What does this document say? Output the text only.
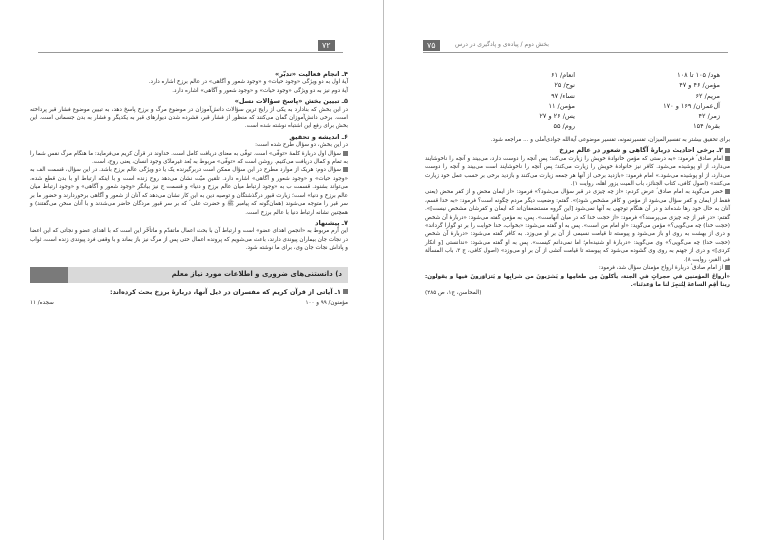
۷۲
۴ـ انجام فعالیت «تدبّر»

آیهٔ اول به دو ویژگی «وجود حیات» و «وجود شعور و آگاهی» در عالم برزخ اشاره دارد.

آیهٔ دوم نیز به دو ویژگی «وجود حیات» و «وجود شعور و آگاهی» اشاره دارد.

۵ـ تبیین بخش «پاسخ سؤالات نسل»

در این بخش که بنادارد به یکی از رایج ترین سؤالات دانش‌آموزان در موضوع مرگ و برزخ پاسخ دهد، به تبیین موضوع فشار قبر پرداخته است. برخی دانش‌آموزان گمان می‌کنند که منظور از فشار قبر، فشرده شدن دیوارهای قبر به یکدیگر و فشار به بدن جسمانی است. این بخش برای رفع این اشتباه نوشته شده است.

۶ـ اندیشه و تحقیق

در این بخش، دو سؤال طرح شده است:

سؤال اول دربارهٔ کلمهٔ «توفّی» است. توفّی به معنای دریافت کامل است. خداوند در قرآن کریم می‌فرماید: ما هنگام مرگ نفس شما را به تمام و کمال دریافت می‌کنیم. روشن است که «توفّی» مربوط به بُعد غیرمادّی وجود انسان، یعنی روح، است.

سؤال دوم: هریک از موارد مطرح در این سؤال ممکن است دربرگیرنده یک یا دو ویژگی عالم برزخ باشد. در این سؤال، قسمت الف به «وجود حیات» و «وجود شعور و آگاهی» اشاره دارد. تلقین میّت نشان می‌دهد روح زنده است و با اینکه ارتباط او با بدن قطع شده، می‌تواند بشنود. قسمت ب به «وجود ارتباط میان عالم برزخ و دنیا» و قسمت ج نیز بیانگر «وجود شعور و آگاهی» و «وجود ارتباط میان عالم برزخ و دنیا» است؛ زیارت قبور درگذشتگان و توصیه دین به این کار نشان می‌دهد که آنان از شعور و آگاهی برخوردارند و حضور ما بر سر قبر را متوجه می‌شوند (همان‌گونه که پیامبر ﷺ و حضرت علی ؑ که بر سر قبور مردگان حاضر می‌شدند و با آنان سخن می‌گفتند) و همچنین نشانه ارتباط دنیا با عالم برزخ است.

۷ـ پیشنهاد

این آرم مربوط به «انجمن اهدای عضو» است و ارتباط آن با بحث اعمال ماتقدّم و ماتأخّر این است که با اهدای عضو و نجاتی که این اعضا در نجات جان بیماران پیوندی دارند، باعث می‌شویم که پرونده اعمال حتی پس از مرگ نیز باز بماند و با وقفی فرد پیوندی زنده است، ثواب و پاداش نجات جان وی، برای ما نوشته شود.

د) دانستنی‌های ضروری و اطلاعات مورد نیاز معلم
۱ـ آیاتی از قرآن کریم که مفسران در ذیل آنها، دربارهٔ برزخ بحث کرده‌اند:
مؤمنون/ ۹۹ و ۱۰۰
سجده/ ۱۱
۷۵	بخش دوم / پیاده‌ی و پادگیری در درس
هود/ ۱۰۵ تا ۱۰۸
انعام/ ۶۱
مؤمن/ ۴۶ و ۴۷
نوح/ ۲۵
مریم/ ۶۲
نساء/ ۹۷
آل‌عمران/ ۱۶۹ و ۱۷۰
مؤمن/ ۱۱
زمر/ ۴۲
یس/ ۲۶ و ۲۷
بقره/ ۱۵۴
روم/ ۵۵

برای تحقیق بیشتر به تفسیرالمیزان، تفسیرنمونه، تفسیر موضوعی آیةالله جوادی‌آملی و ... مراجعه شود.

۲ـ برخی احادیث دربارهٔ آگاهی و شعور در عالم برزخ

امام صادق ؑ فرمود: «به درستی که مؤمن خانوادهٔ خویش را زیارت می‌کند؛ پس آنچه را دوست دارد، می‌بیند و آنچه را ناخوشایند می‌دارد، از او پوشیده می‌شود. کافر نیز خانوادهٔ خویش را زیارت می‌کند؛ پس آنچه را ناخوشایند است می‌بیند و آنچه را دوست می‌دارد، از او پوشیده می‌شود.» امام فرمود: «بازدید برخی از آنها هر جمعه زیارت می‌کنند و بازدید برخی بر حسب عمل خود زیارت می‌کنند» (اصول کافی، کتاب الجنائز، باب المیت یزور اهله، روایت ۱).

خضر می‌گوید به امام صادق ؑ عرض کردم: «از چه چیزی در قبر سؤال می‌شود؟» فرمود: «از ایمان محض و از کفر محض (یعنی فقط از ایمان و کفر سؤال می‌شود از مؤمن و کافر مشخص شود)». گفتم: وضعیت دیگر مردم چگونه است؟ فرمود: «به خدا قسم، آنان به حال خود رها شده‌اند و در آن هنگام توجهی به آنها نمی‌شود [این گروه مستضعفان‌اند که ایمان و کفرشان مشخص نیست]». گفتم: «در قبر از چه چیزی می‌پرسند؟» فرمود: «از حجت خدا که در میان آنهاست». پس، به مؤمن گفته می‌شود: «دربارهٔ آن شخص (حجت خدا) چه می‌گویی؟» مؤمن می‌گوید: «او امام من است». پس به او گفته می‌شود: «بخواب، خدا خوابت را بر تو گوارا گرداند» و دری از بهشت به روی او باز می‌شود و پیوسته تا قیامت نسیمی از آن بر او می‌وزد. به کافر گفته می‌شود: «دربارهٔ آن شخص (حجت خدا) چه می‌گویی؟» وی می‌گوید: «دربارهٔ او شنیده‌ام؛ اما نمی‌دانم کیست». پس به او گفته می‌شود: «ندانستی [و انکار کردی]» و دری از جهنم به روی وی گشوده می‌شود که پیوسته تا قیامت آتشی از آن بر او می‌وزد» (اصول کافی، ج ۳، باب المسألة فی القبر، روایت ۸).

از امام صادق ؑ دربارهٔ ارواح مؤمنان سؤال شد، فرمود:

«أرواحُ المؤمنين في حجراتٍ في الجنة، يأكلونَ مِن طعامِها و يَشرَبونَ من شرابِها و يَتزاوَرونَ فيها و يقولون: ربنا أقِمِ الساعةَ لِتُنجِزَ لنا ما وَعدتَنا».

(المحاسن، ج۱، ص ۲۸۵)
